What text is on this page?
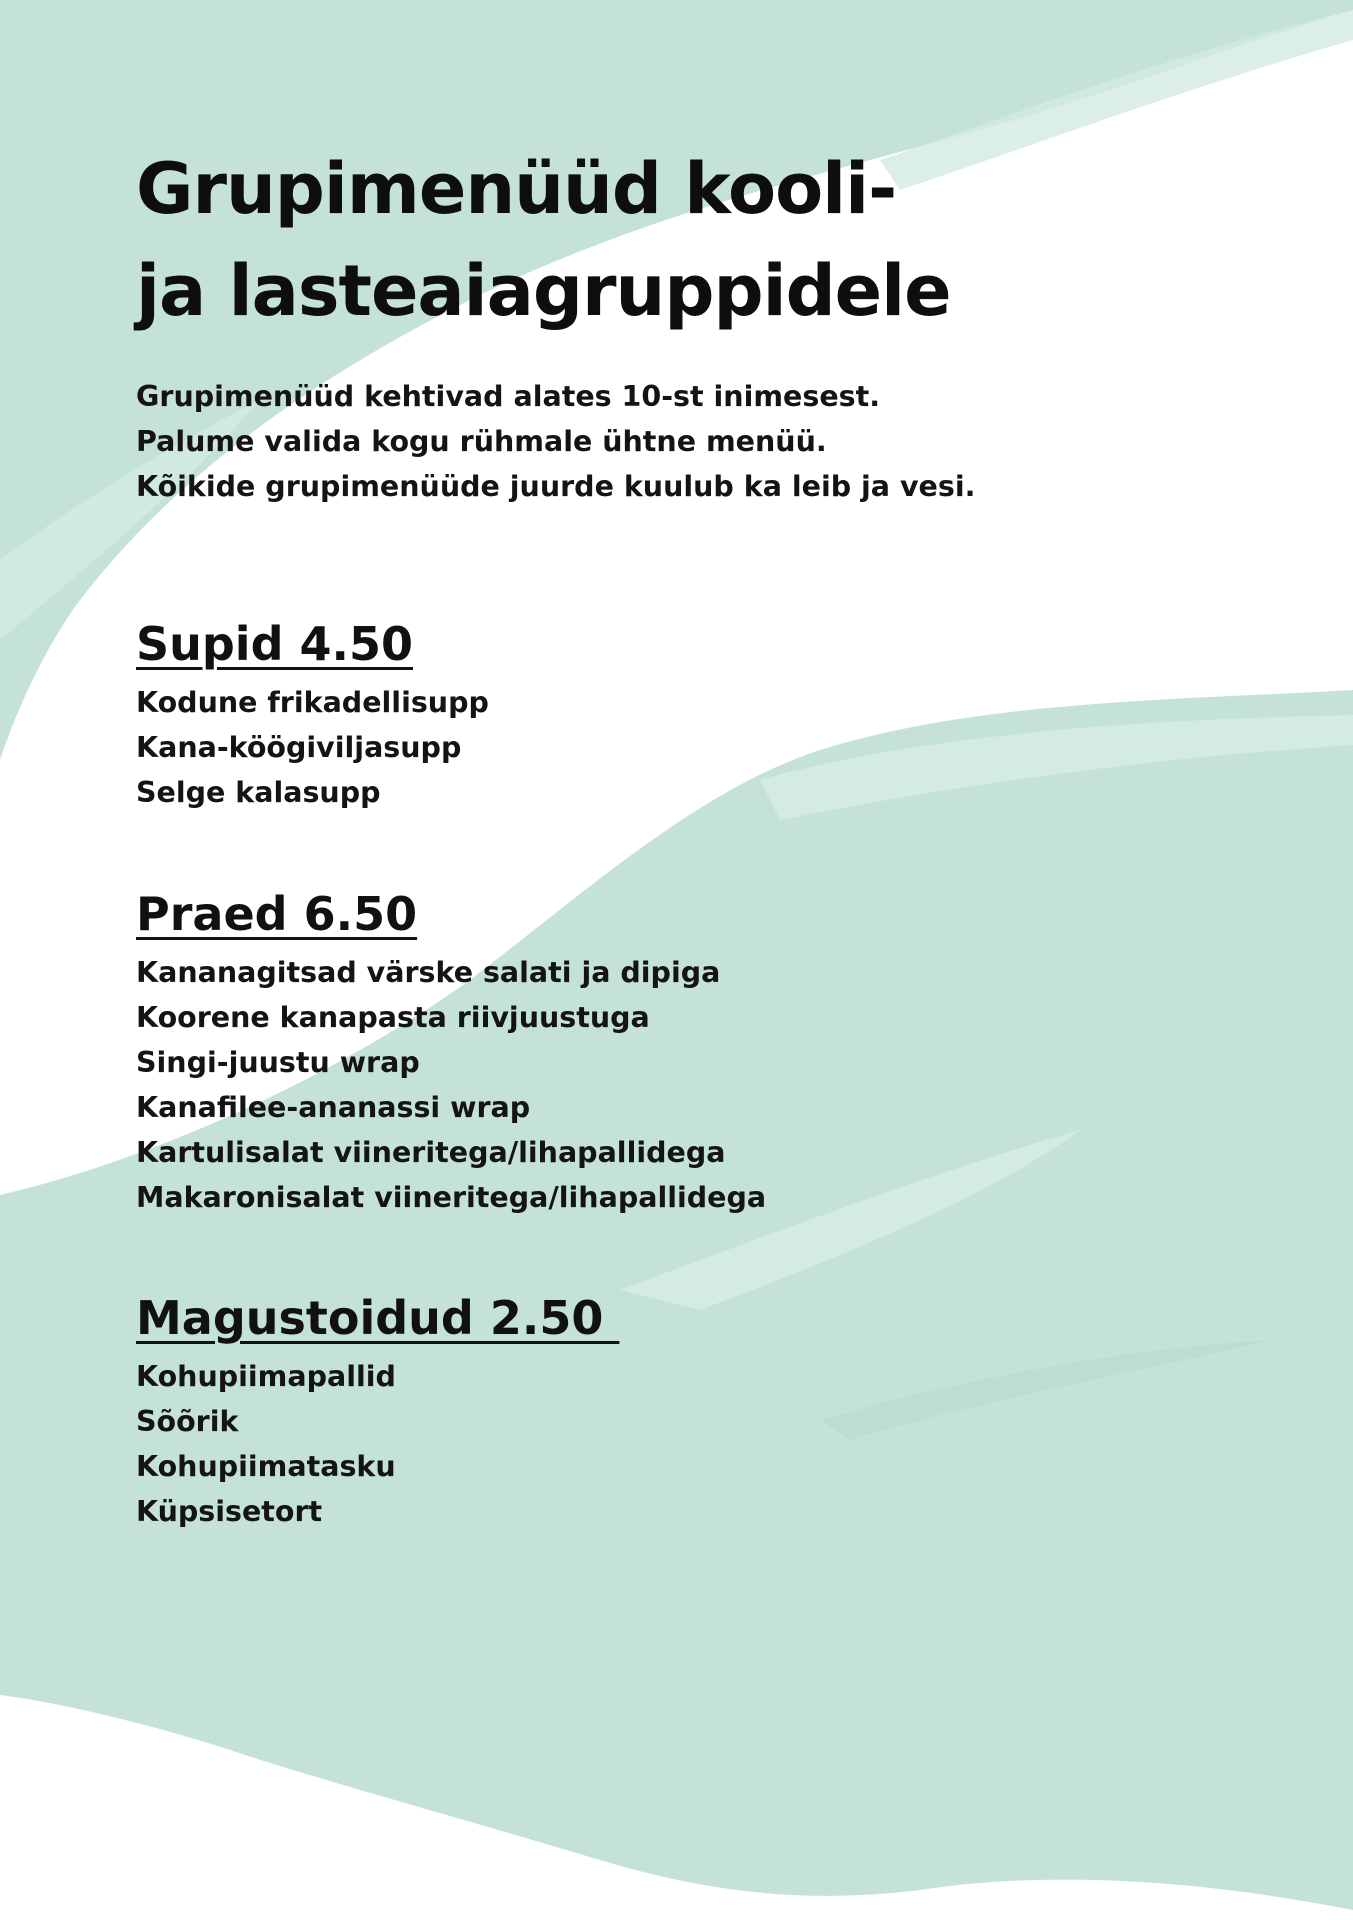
Grupimenüüd kooli-
ja lasteaiagruppidele
Grupimenüüd kehtivad alates 10-st inimesest.
Palume valida kogu rühmale ühtne menüü.
Kõikide grupimenüüde juurde kuulub ka leib ja vesi.
Supid 4.50
Kodune frikadellisupp
Kana-köögiviljasupp
Selge kalasupp
Praed 6.50
Kananagitsad värske salati ja dipiga
Koorene kanapasta riivjuustuga
Singi-juustu wrap
Kanafilee-ananassi wrap
Kartulisalat viineritega/lihapallidega
Makaronisalat viineritega/lihapallidega
Magustoidud 2.50
Kohupiimapallid
Sõõrik
Kohupiimatasku
Küpsisetort
